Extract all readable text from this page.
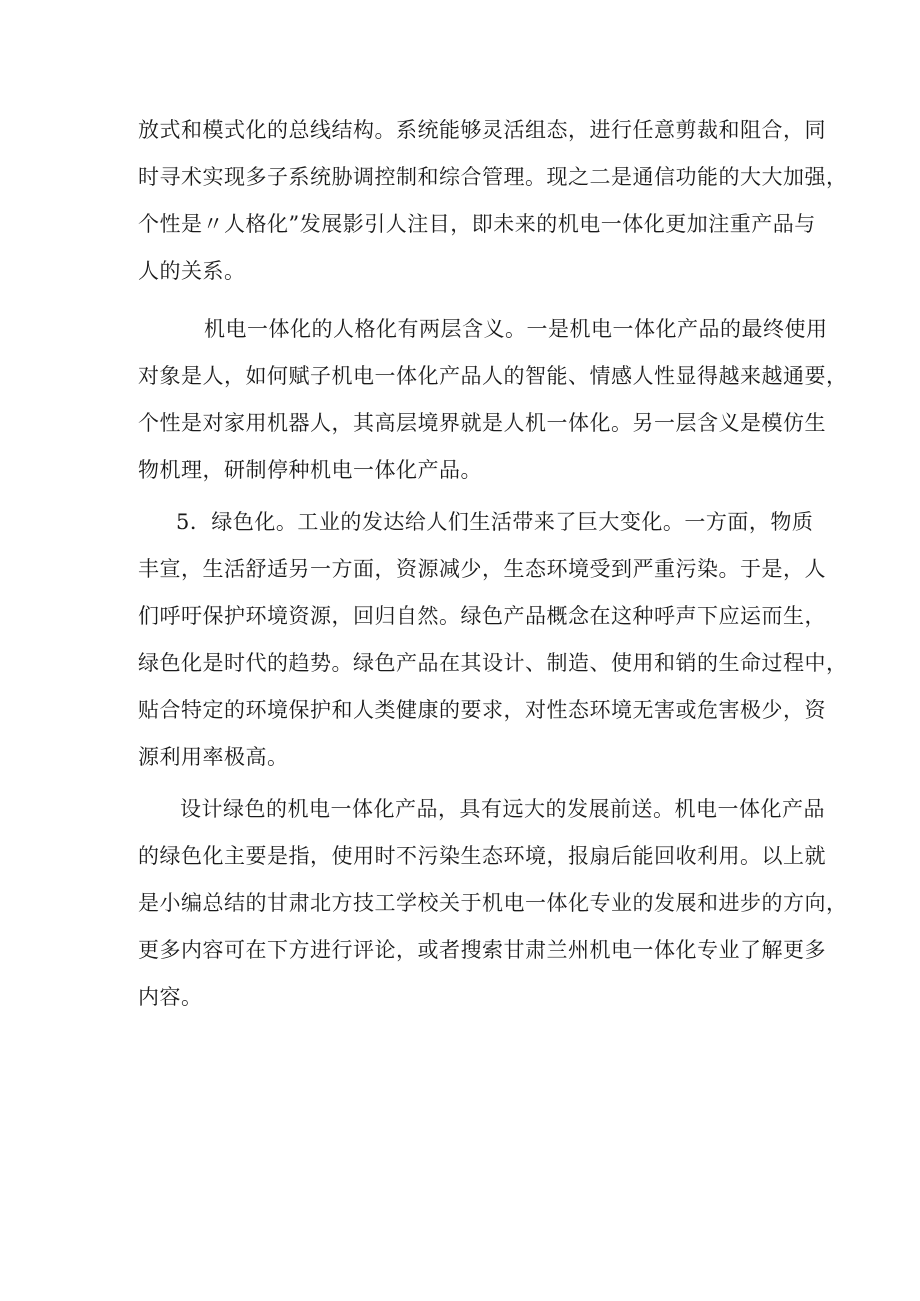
放式和模式化的总线结构。系统能够灵活组态，进行任意剪裁和阻合，同
时寻术实现多子系统胁调控制和综合管理。现之二是通信功能的大大加强，
个性是〃人格化”发展影引人注目，即未来的机电一体化更加注重产品与
人的关系。

机电一体化的人格化有两层含义。一是机电一体化产品的最终使用
对象是人，如何赋子机电一体化产品人的智能、情感人性显得越来越通要，
个性是对家用机器人，其高层境界就是人机一体化。另一层含义是模仿生
物机理，研制停种机电一体化产品。

5．绿色化。工业的发达给人们生活带来了巨大变化。一方面，物质
丰宣，生活舒适另一方面，资源减少，生态环境受到严重污染。于是，人
们呼吁保护环境资源，回归自然。绿色产品概念在这种呼声下应运而生，
绿色化是时代的趋势。绿色产品在其设计、制造、使用和销的生命过程中，
贴合特定的环境保护和人类健康的要求，对性态环境无害或危害极少，资
源利用率极高。

设计绿色的机电一体化产品，具有远大的发展前送。机电一体化产品
的绿色化主要是指，使用时不污染生态环境，报扇后能回收利用。以上就
是小编总结的甘肃北方技工学校关于机电一体化专业的发展和进步的方向，
更多内容可在下方进行评论，或者搜索甘肃兰州机电一体化专业了解更多
内容。
